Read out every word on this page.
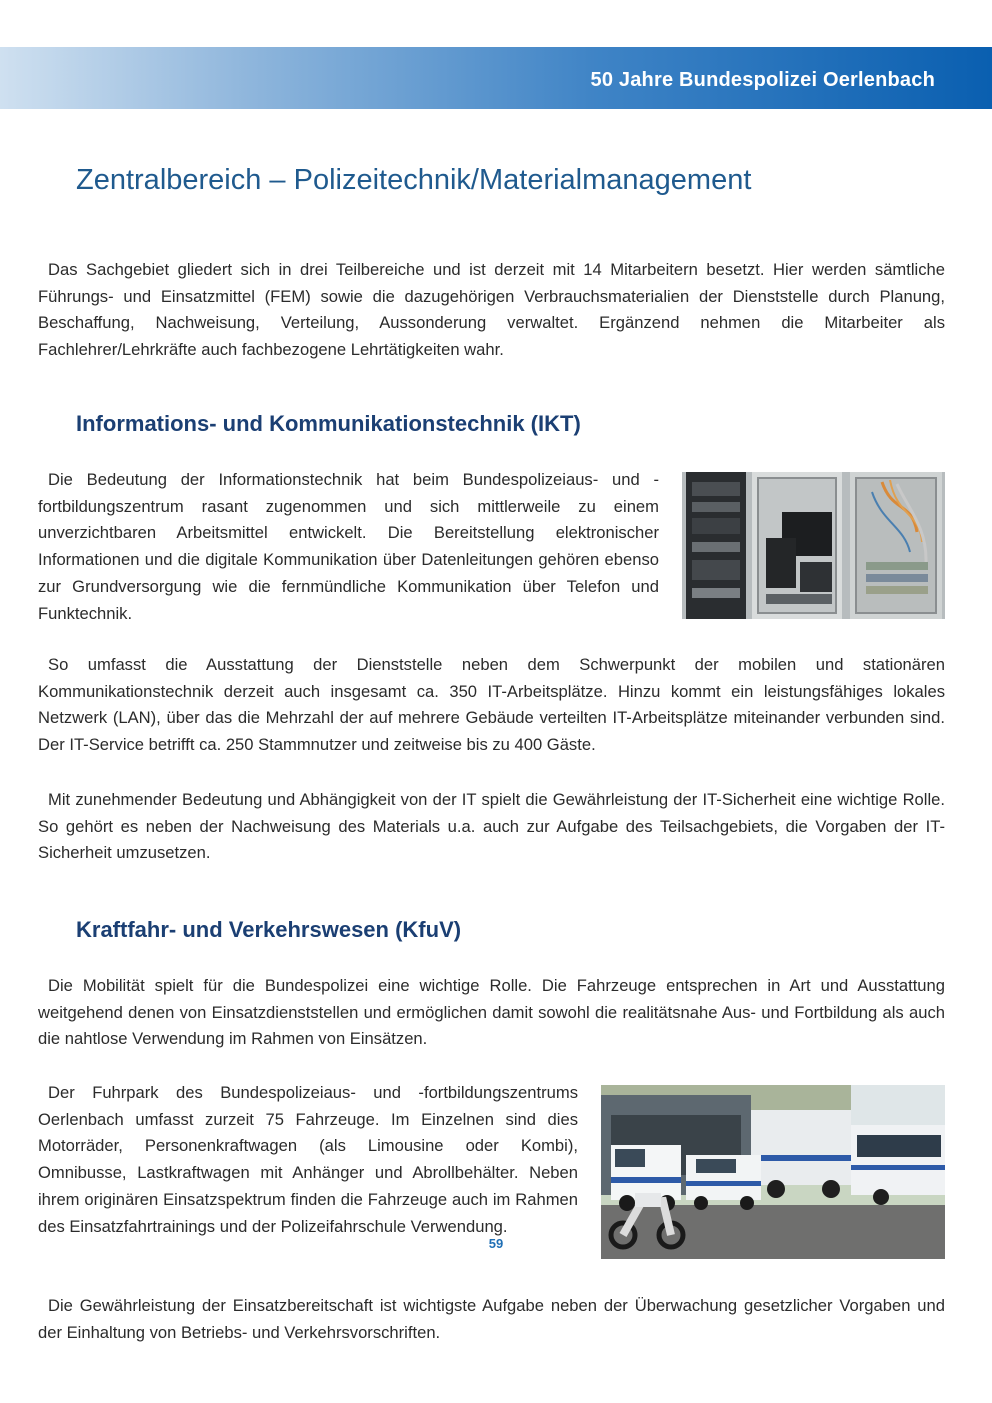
50 Jahre Bundespolizei Oerlenbach
Zentralbereich – Polizeitechnik/Materialmanagement

Das Sachgebiet gliedert sich in drei Teilbereiche und ist derzeit mit 14 Mitarbeitern besetzt. Hier werden sämtliche Führungs- und Einsatzmittel (FEM) sowie die dazugehörigen Verbrauchsmaterialien der Dienststelle durch Planung, Beschaffung, Nachweisung, Verteilung, Aussonderung verwaltet. Ergänzend nehmen die Mitarbeiter als Fachlehrer/Lehrkräfte auch fachbezogene Lehrtätigkeiten wahr.

Informations- und Kommunikationstechnik (IKT)

Die Bedeutung der Informationstechnik hat beim Bundespolizeiaus- und -fortbildungszentrum rasant zugenommen und sich mittlerweile zu einem unverzichtbaren Arbeitsmittel entwickelt. Die Bereitstellung elektronischer Informationen und die digitale Kommunikation über Datenleitungen gehören ebenso zur Grundversorgung wie die fernmündliche Kommunikation über Telefon und Funktechnik.

So umfasst die Ausstattung der Dienststelle neben dem Schwerpunkt der mobilen und stationären Kommunikationstechnik derzeit auch insgesamt ca. 350 IT-Arbeitsplätze. Hinzu kommt ein leistungsfähiges lokales Netzwerk (LAN), über das die Mehrzahl der auf mehrere Gebäude verteilten IT-Arbeitsplätze miteinander verbunden sind. Der IT-Service betrifft ca. 250 Stammnutzer und zeitweise bis zu 400 Gäste.

Mit zunehmender Bedeutung und Abhängigkeit von der IT spielt die Gewährleistung der IT-Sicherheit eine wichtige Rolle. So gehört es neben der Nachweisung des Materials u.a. auch zur Aufgabe des Teilsachgebiets, die Vorgaben der IT-Sicherheit umzusetzen.

Kraftfahr- und Verkehrswesen (KfuV)

Die Mobilität spielt für die Bundespolizei eine wichtige Rolle. Die Fahrzeuge entsprechen in Art und Ausstattung weitgehend denen von Einsatzdienststellen und ermöglichen damit sowohl die realitätsnahe Aus- und Fortbildung als auch die nahtlose Verwendung im Rahmen von Einsätzen.

Der Fuhrpark des Bundespolizeiaus- und -fortbildungszentrums Oerlenbach umfasst zurzeit 75 Fahrzeuge. Im Einzelnen sind dies Motorräder, Personenkraftwagen (als Limousine oder Kombi), Omnibusse, Lastkraftwagen mit Anhänger und Abrollbehälter. Neben ihrem originären Einsatzspektrum finden die Fahrzeuge auch im Rahmen des Einsatzfahrtrainings und der Polizeifahrschule Verwendung.

Die Gewährleistung der Einsatzbereitschaft ist wichtigste Aufgabe neben der Überwachung gesetzlicher Vorgaben und der Einhaltung von Betriebs- und Verkehrsvorschriften.

59
